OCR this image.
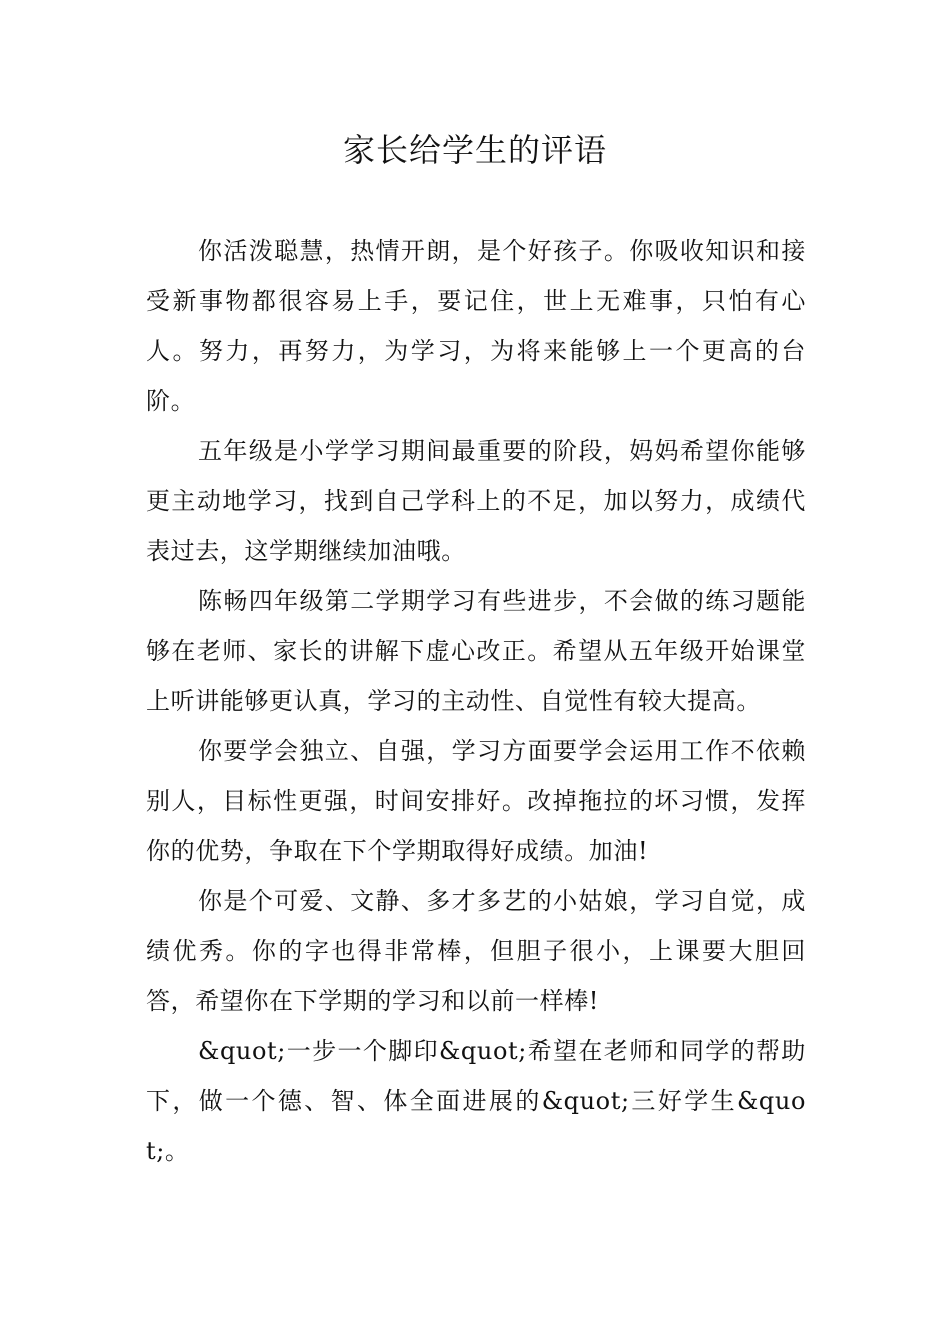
家长给学生的评语

你活泼聪慧，热情开朗，是个好孩子。你吸收知识和接受新事物都很容易上手，要记住，世上无难事，只怕有心人。努力，再努力，为学习，为将来能够上一个更高的台阶。

五年级是小学学习期间最重要的阶段，妈妈希望你能够更主动地学习，找到自己学科上的不足，加以努力，成绩代表过去，这学期继续加油哦。

陈畅四年级第二学期学习有些进步，不会做的练习题能够在老师、家长的讲解下虚心改正。希望从五年级开始课堂上听讲能够更认真，学习的主动性、自觉性有较大提高。

你要学会独立、自强，学习方面要学会运用工作不依赖别人，目标性更强，时间安排好。改掉拖拉的坏习惯，发挥你的优势，争取在下个学期取得好成绩。加油!

你是个可爱、文静、多才多艺的小姑娘，学习自觉，成绩优秀。你的字也得非常棒，但胆子很小，上课要大胆回答，希望你在下学期的学习和以前一样棒!

&quot;一步一个脚印&quot;希望在老师和同学的帮助下，做一个德、智、体全面进展的&quot;三好学生&quot;。
